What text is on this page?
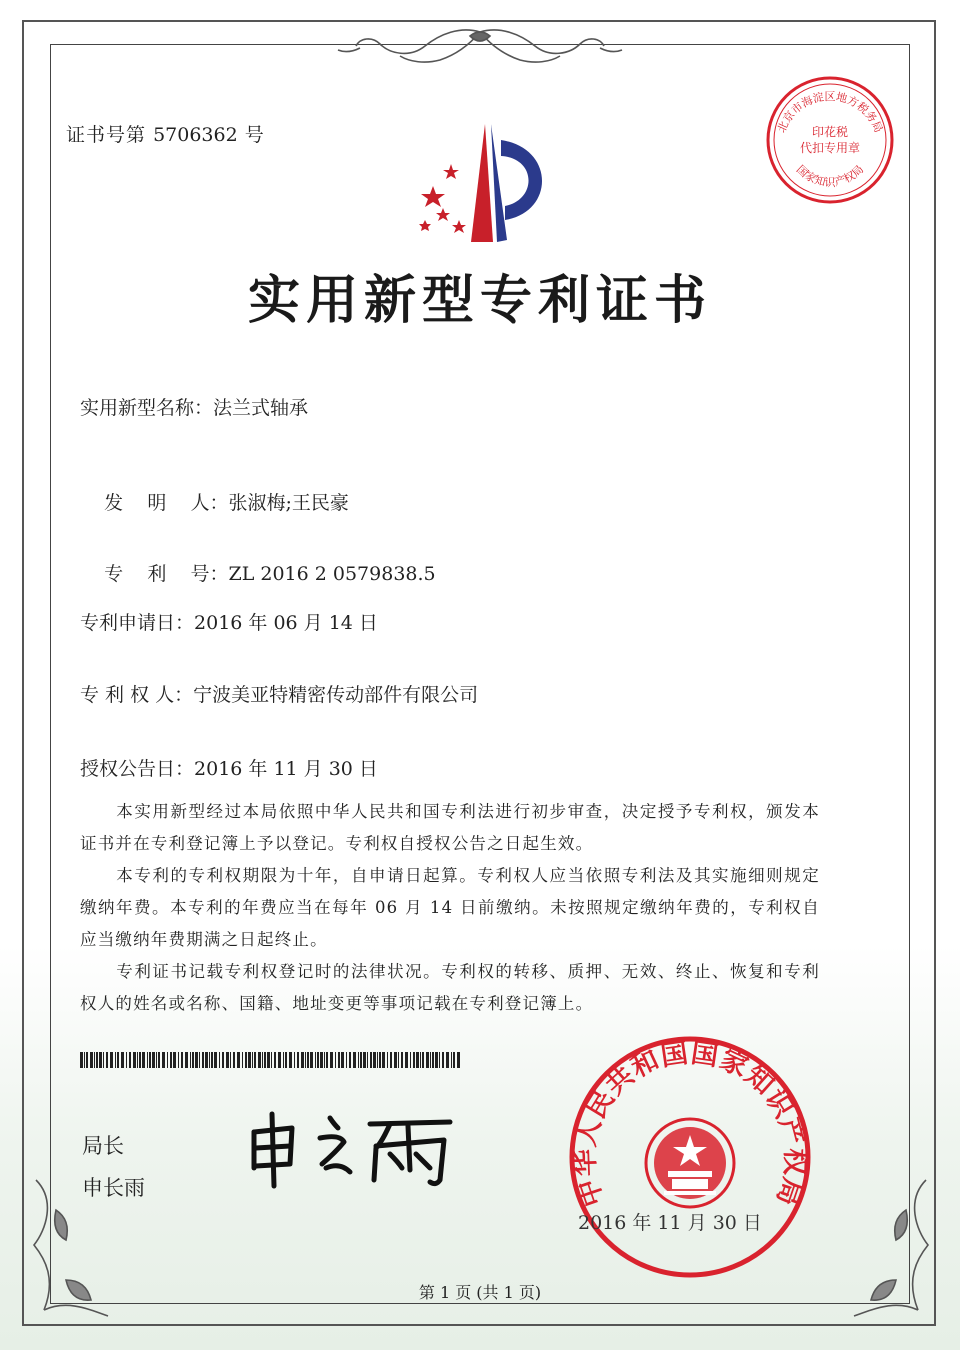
证书号第 5706362 号	北京市海淀区地方税务局
印花税
代扣专用章
国家知识产权局
实用新型专利证书
实用新型名称：法兰式轴承

发    明    人：张淑梅;王民豪

专    利    号：ZL 2016 2 0579838.5

专利申请日：2016 年 06 月 14 日
专 利 权 人：宁波美亚特精密传动部件有限公司
授权公告日：2016 年 11 月 30 日
本实用新型经过本局依照中华人民共和国专利法进行初步审查，决定授予专利权，颁发本证书并在专利登记簿上予以登记。专利权自授权公告之日起生效。
本专利的专利权期限为十年，自申请日起算。专利权人应当依照专利法及其实施细则规定缴纳年费。本专利的年费应当在每年 06 月 14 日前缴纳。未按照规定缴纳年费的，专利权自应当缴纳年费期满之日起终止。
专利证书记载专利权登记时的法律状况。专利权的转移、质押、无效、终止、恢复和专利权人的姓名或名称、国籍、地址变更等事项记载在专利登记簿上。
局长
申长雨	中华人民共和国国家知识产权局
2016 年 11 月 30 日
第 1 页 (共 1 页)
